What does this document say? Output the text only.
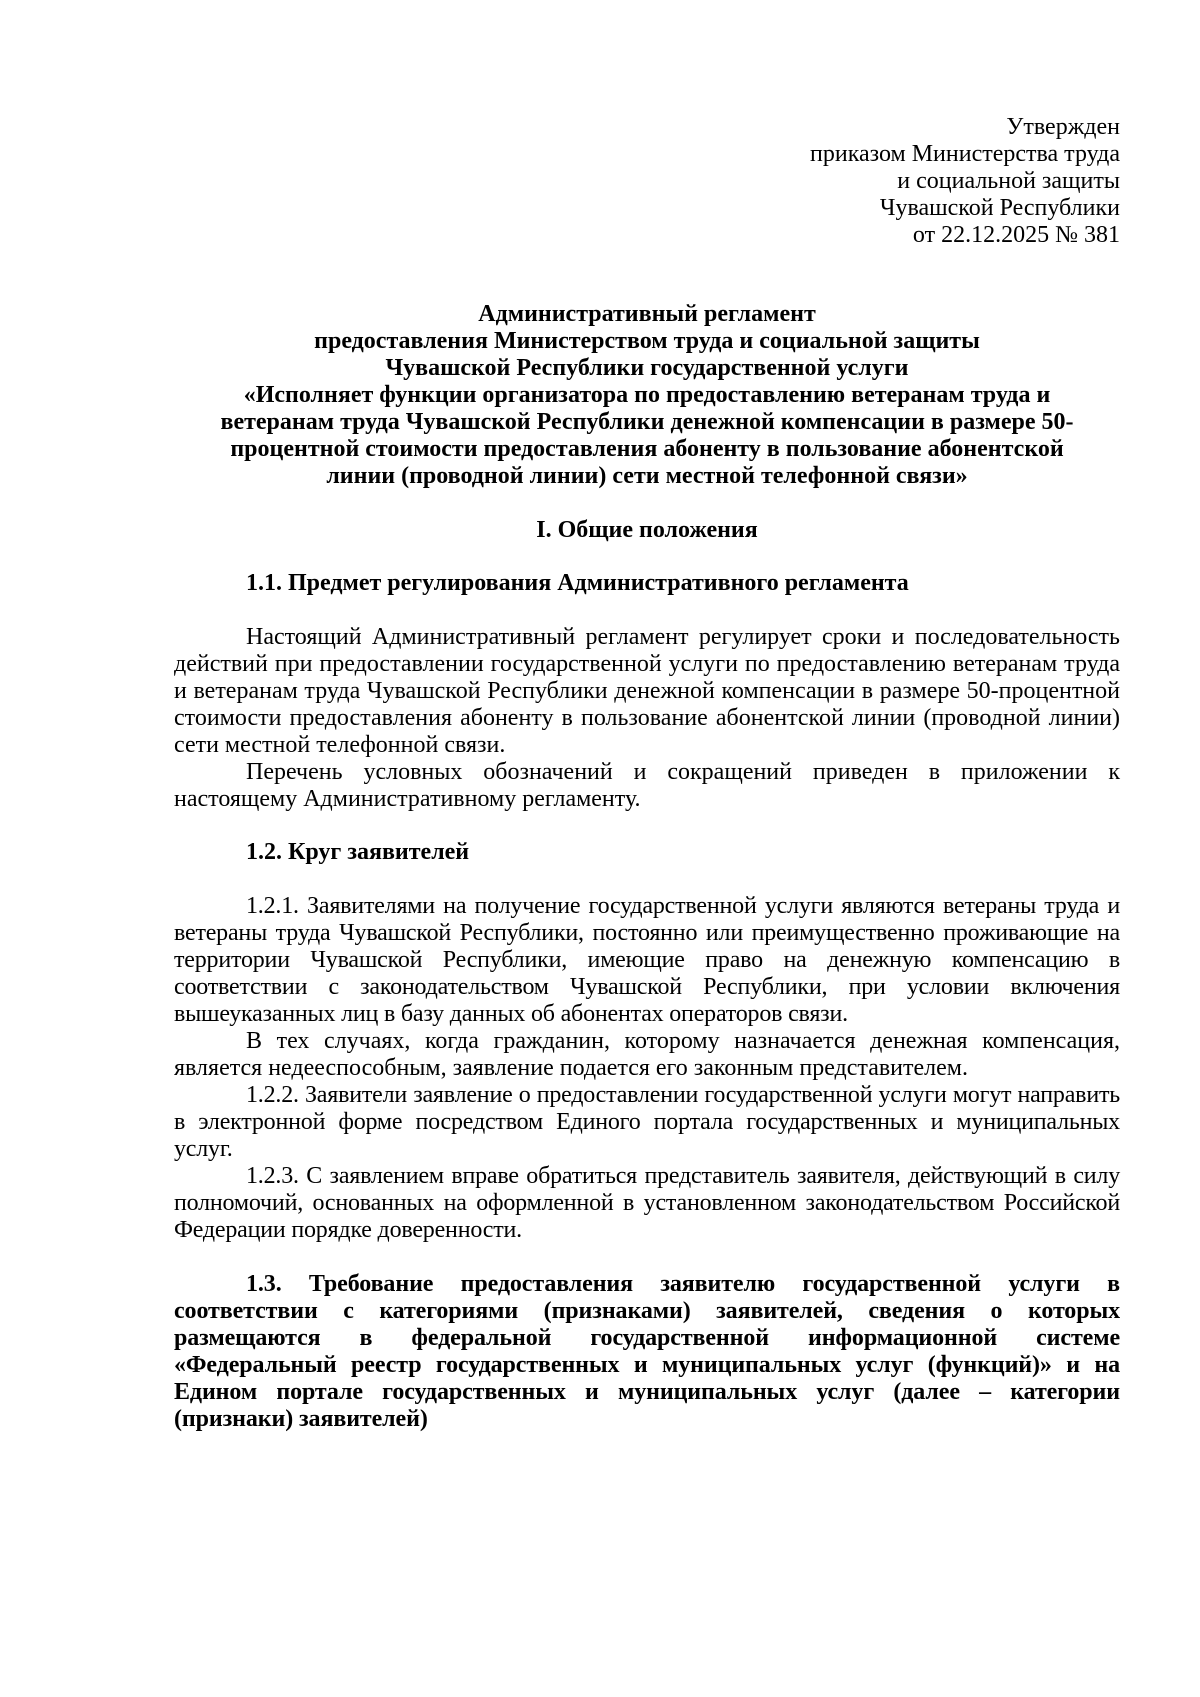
Утвержден
приказом Министерства труда
и социальной защиты
Чувашской Республики
от 22.12.2025 № 381
Административный регламент
предоставления Министерством труда и социальной защиты
Чувашской Республики государственной услуги
«Исполняет функции организатора по предоставлению ветеранам труда и
ветеранам труда Чувашской Республики денежной компенсации в размере 50-
процентной стоимости предоставления абоненту в пользование абонентской
линии (проводной линии) сети местной телефонной связи»
I. Общие положения
1.1. Предмет регулирования Административного регламента

Настоящий Административный регламент регулирует сроки и последовательность действий при предоставлении государственной услуги по предоставлению ветеранам труда и ветеранам труда Чувашской Республики денежной компенсации в размере 50-процентной стоимости предоставления абоненту в пользование абонентской линии (проводной линии) сети местной телефонной связи.

Перечень условных обозначений и сокращений приведен в приложении к настоящему Административному регламенту.

1.2. Круг заявителей

1.2.1. Заявителями на получение государственной услуги являются ветераны труда и ветераны труда Чувашской Республики, постоянно или преимущественно проживающие на территории Чувашской Республики, имеющие право на денежную компенсацию в соответствии с законодательством Чувашской Республики, при условии включения вышеуказанных лиц в базу данных об абонентах операторов связи.

В тех случаях, когда гражданин, которому назначается денежная компенсация, является недееспособным, заявление подается его законным представителем.

1.2.2. Заявители заявление о предоставлении государственной услуги могут направить в электронной форме посредством Единого портала государственных и муниципальных услуг.

1.2.3. С заявлением вправе обратиться представитель заявителя, действующий в силу полномочий, основанных на оформленной в установленном законодательством Российской Федерации порядке доверенности.

1.3. Требование предоставления заявителю государственной услуги в соответствии с категориями (признаками) заявителей, сведения о которых размещаются в федеральной государственной информационной системе «Федеральный реестр государственных и муниципальных услуг (функций)» и на Едином портале государственных и муниципальных услуг (далее – категории (признаки) заявителей)
